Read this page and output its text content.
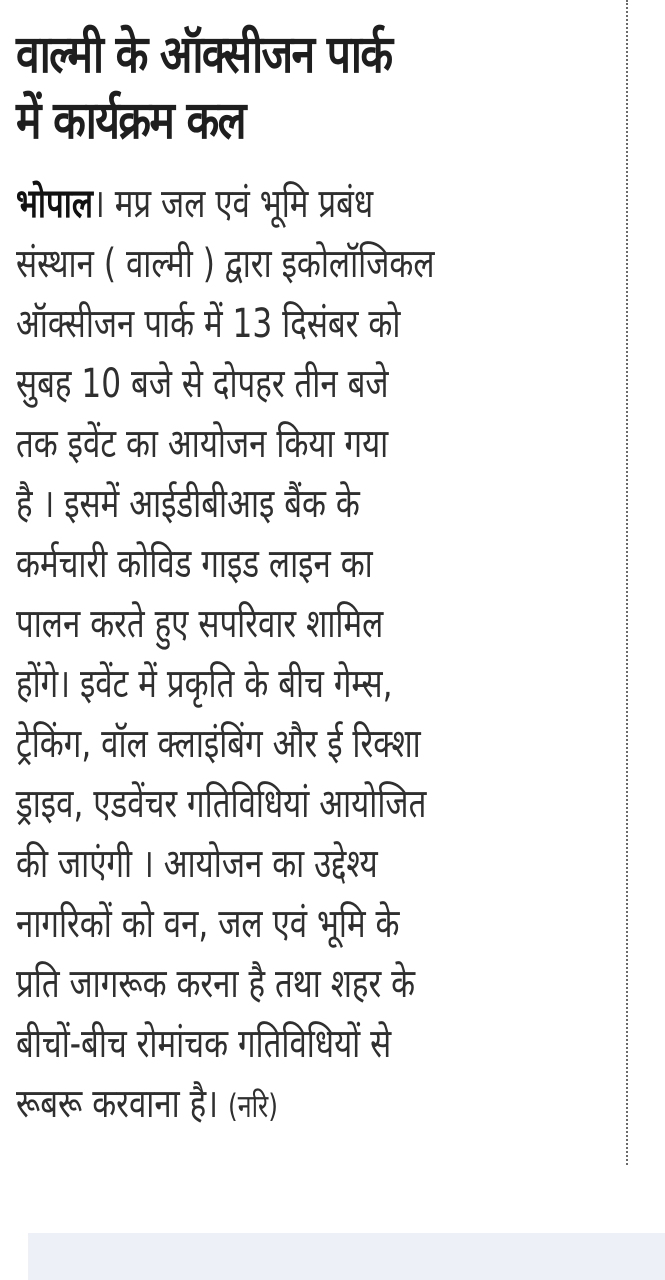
वाल्मी के ऑक्सीजन पार्क
में कार्यक्रम कल
भोपाल। मप्र जल एवं भूमि प्रबंध
संस्थान ( वाल्मी ) द्वारा इकोलॉजिकल
ऑक्सीजन पार्क में 13 दिसंबर को
सुबह 10 बजे से दोपहर तीन बजे
तक इवेंट का आयोजन किया गया
है । इसमें आईडीबीआइ बैंक के
कर्मचारी कोविड गाइड लाइन का
पालन करते हुए सपरिवार शामिल
होंगे। इवेंट में प्रकृति के बीच गेम्स,
ट्रेकिंग, वॉल क्लाइंबिंग और ई रिक्शा
ड्राइव, एडवेंचर गतिविधियां आयोजित
की जाएंगी । आयोजन का उद्देश्य
नागरिकों को वन, जल एवं भूमि के
प्रति जागरूक करना है तथा शहर के
बीचों-बीच रोमांचक गतिविधियों से
रूबरू करवाना है। (नरि)
